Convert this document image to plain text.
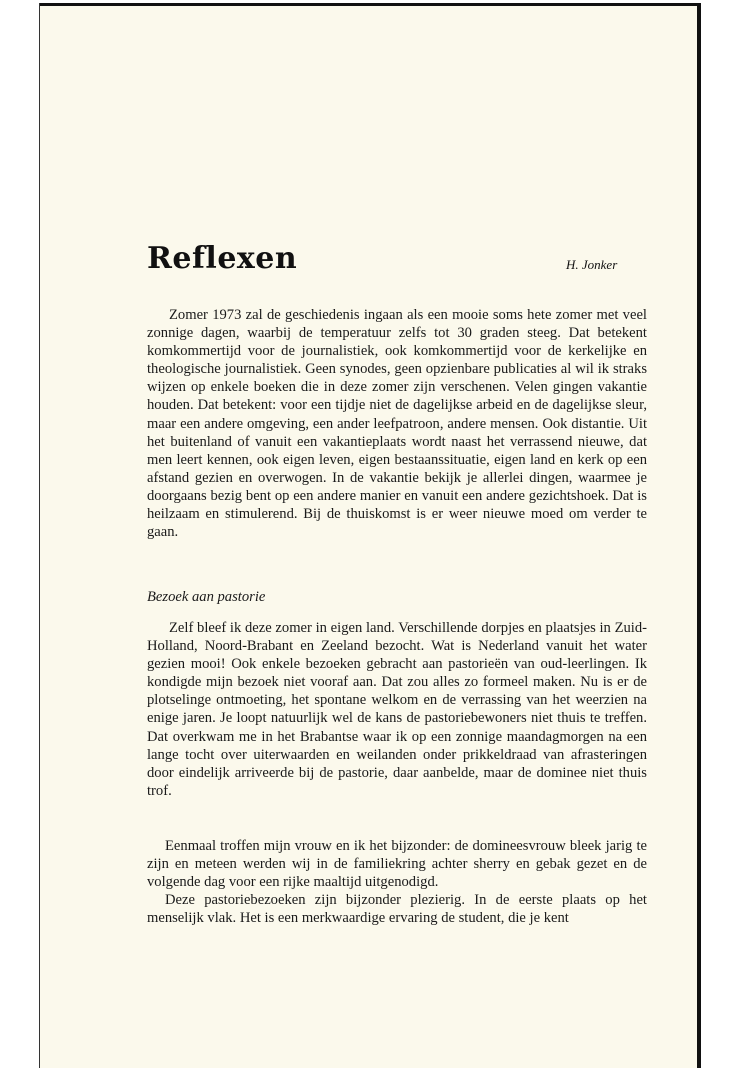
Reflexen	H. Jonker

Zomer 1973 zal de geschiedenis ingaan als een mooie soms hete zomer met veel zonnige dagen, waarbij de temperatuur zelfs tot 30 graden steeg. Dat betekent komkommertijd voor de journalistiek, ook komkommertijd voor de kerkelijke en theologische journalistiek. Geen synodes, geen opzienbare publicaties al wil ik straks wijzen op enkele boeken die in deze zomer zijn verschenen. Velen gingen vakantie houden. Dat betekent: voor een tijdje niet de dagelijkse arbeid en de dagelijkse sleur, maar een andere omgeving, een ander leefpatroon, andere mensen. Ook distantie. Uit het buitenland of vanuit een vakantieplaats wordt naast het verrassend nieuwe, dat men leert kennen, ook eigen leven, eigen bestaanssituatie, eigen land en kerk op een afstand gezien en overwogen. In de vakantie bekijk je allerlei dingen, waarmee je doorgaans bezig bent op een andere manier en vanuit een andere gezichtshoek. Dat is heilzaam en stimulerend. Bij de thuiskomst is er weer nieuwe moed om verder te gaan.

Bezoek aan pastorie

Zelf bleef ik deze zomer in eigen land. Verschillende dorpjes en plaatsjes in Zuid-Holland, Noord-Brabant en Zeeland bezocht. Wat is Nederland vanuit het water gezien mooi! Ook enkele bezoeken gebracht aan pastorieën van oud-leerlingen. Ik kondigde mijn bezoek niet vooraf aan. Dat zou alles zo formeel maken. Nu is er de plotselinge ontmoeting, het spontane welkom en de verrassing van het weerzien na enige jaren. Je loopt natuurlijk wel de kans de pastoriebewoners niet thuis te treffen. Dat overkwam me in het Brabantse waar ik op een zonnige maandagmorgen na een lange tocht over uiterwaarden en weilanden onder prikkeldraad van afrasteringen door eindelijk arriveerde bij de pastorie, daar aanbelde, maar de dominee niet thuis trof.

Eenmaal troffen mijn vrouw en ik het bijzonder: de domineesvrouw bleek jarig te zijn en meteen werden wij in de familiekring achter sherry en gebak gezet en de volgende dag voor een rijke maaltijd uitgenodigd.

Deze pastoriebezoeken zijn bijzonder plezierig. In de eerste plaats op het menselijk vlak. Het is een merkwaardige ervaring de student, die je kent
